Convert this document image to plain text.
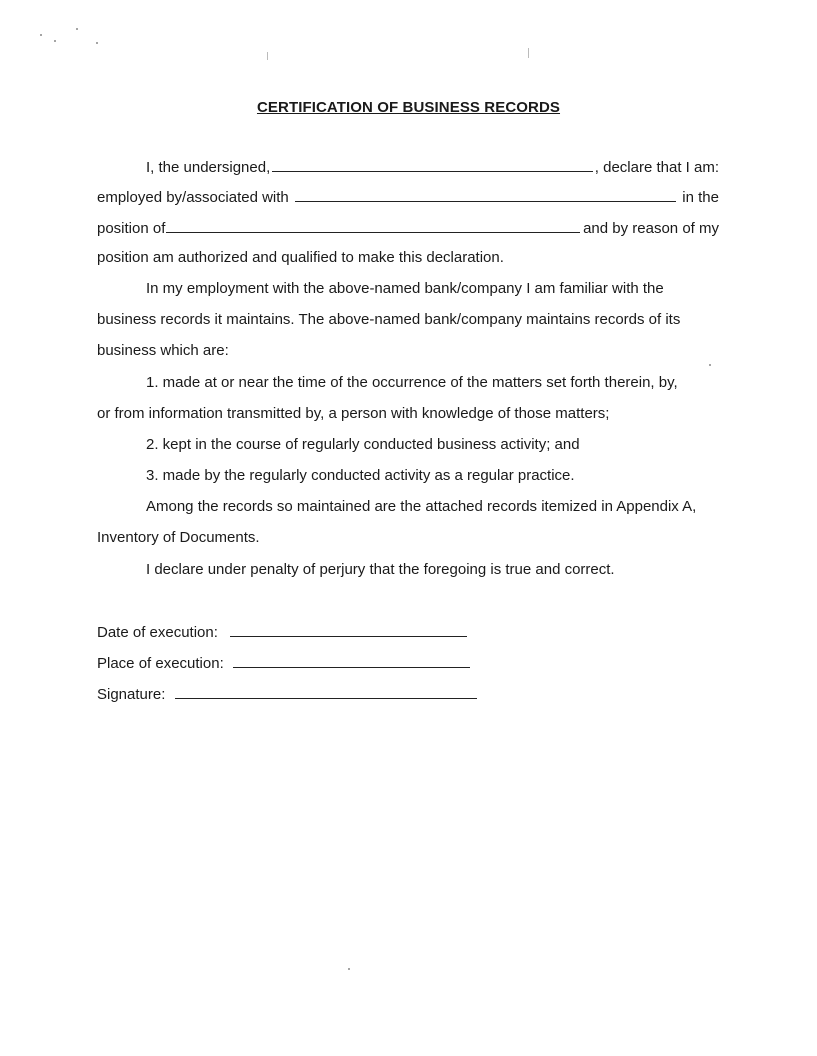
CERTIFICATION OF BUSINESS RECORDS
I, the undersigned,	, declare that I am:
employed by/associated with	in the
position of	and by reason of my
position am authorized and qualified to make this declaration.
In my employment with the above-named bank/company I am familiar with the
business records it maintains. The above-named bank/company maintains records of its
business which are:
1. made at or near the time of the occurrence of the matters set forth therein, by,
or from information transmitted by, a person with knowledge of those matters;
2. kept in the course of regularly conducted business activity; and
3. made by the regularly conducted activity as a regular practice.
Among the records so maintained are the attached records itemized in Appendix A,
Inventory of Documents.
I declare under penalty of perjury that the foregoing is true and correct.
Date of execution:
Place of execution:
Signature:
